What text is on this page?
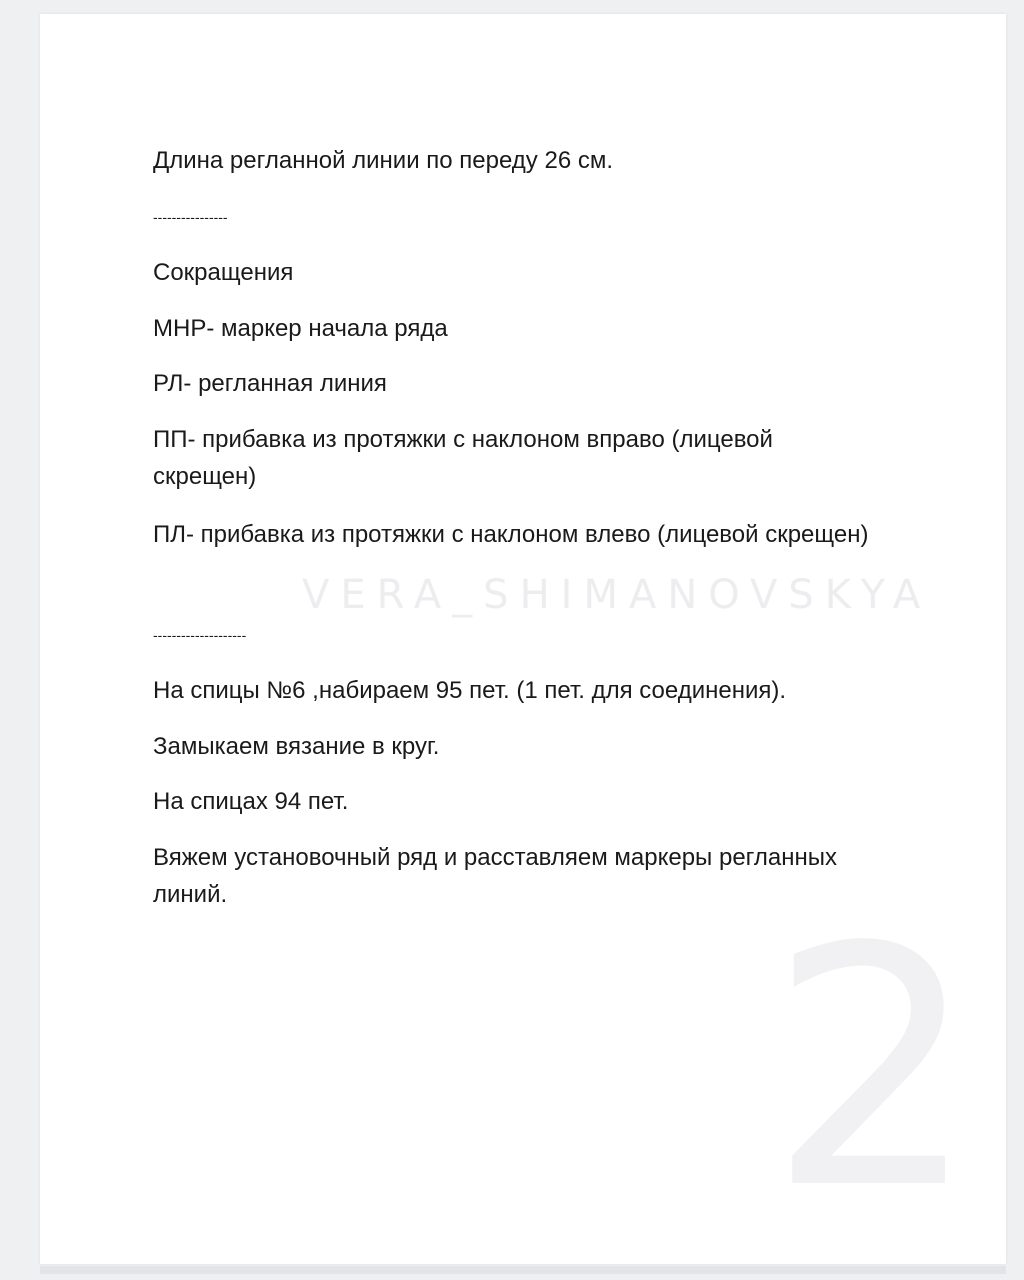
2
VERA_SHIMANOVSKYA
Длина регланной линии по переду 26 см.
----------------
Сокращения
МНР- маркер начала ряда
РЛ- регланная линия
ПП- прибавка из протяжки с наклоном вправо (лицевой скрещен)
ПЛ- прибавка из протяжки с наклоном влево (лицевой скрещен)
--------------------
На спицы №6 ,набираем 95 пет. (1 пет. для соединения).
Замыкаем вязание в круг.
На спицах 94 пет.
Вяжем установочный ряд и расставляем маркеры регланных линий.
